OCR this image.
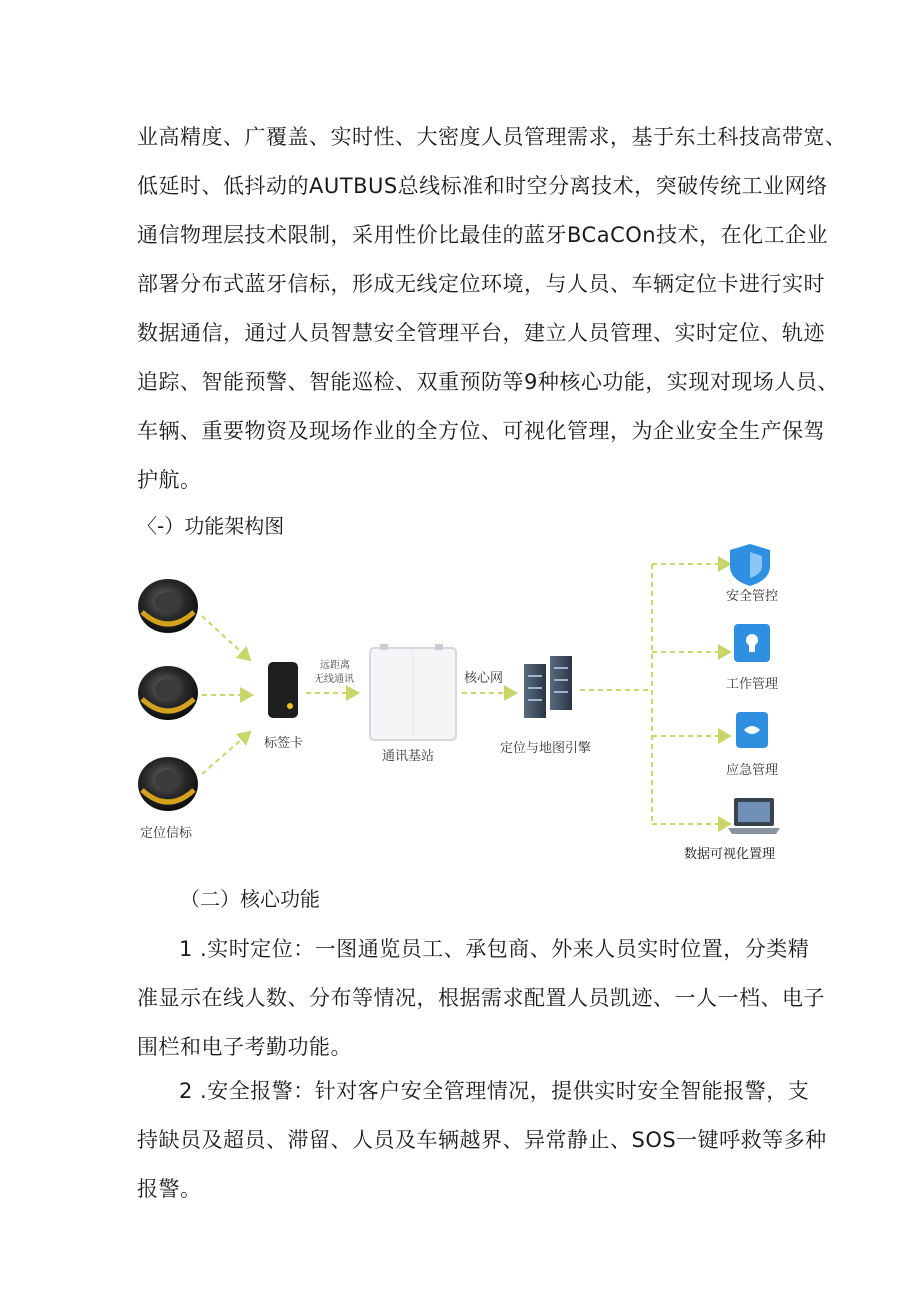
业高精度、广覆盖、实时性、大密度人员管理需求，基于东土科技高带宽、
低延时、低抖动的AUTBUS总线标准和时空分离技术，突破传统工业网络
通信物理层技术限制，采用性价比最佳的蓝牙BCaCOn技术，在化工企业
部署分布式蓝牙信标，形成无线定位环境，与人员、车辆定位卡进行实时
数据通信，通过人员智慧安全管理平台，建立人员管理、实时定位、轨迹
追踪、智能预警、智能巡检、双重预防等9种核心功能，实现对现场人员、
车辆、重要物资及现场作业的全方位、可视化管理，为企业安全生产保驾
护航。
〈-）功能架构图
定位信标
标签卡
远距离
无线通讯
通讯基站
核心网
定位与地图引擎
安全管控
工作管理
应急管理
数据可视化置理
（二）核心功能
1 .实时定位：一图通览员工、承包商、外来人员实时位置，分类精
准显示在线人数、分布等情况，根据需求配置人员凯迹、一人一档、电子
围栏和电子考勤功能。
2 .安全报警：针对客户安全管理情况，提供实时安全智能报警，支
持缺员及超员、滞留、人员及车辆越界、异常静止、SOS一键呼救等多种
报警。
